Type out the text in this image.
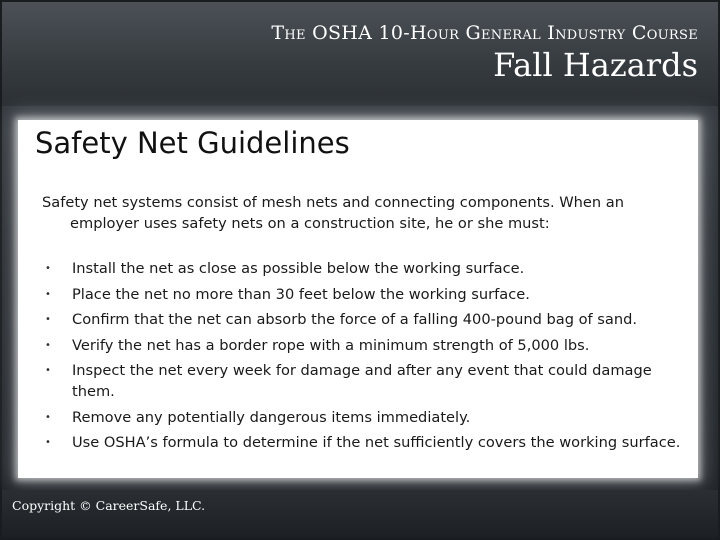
The OSHA 10-Hour General Industry Course
Fall Hazards
Safety Net Guidelines
Safety net systems consist of mesh nets and connecting components. When an employer uses safety nets on a construction site, he or she must:
• Install the net as close as possible below the working surface.
• Place the net no more than 30 feet below the working surface.
• Confirm that the net can absorb the force of a falling 400-pound bag of sand.
• Verify the net has a border rope with a minimum strength of 5,000 lbs.
• Inspect the net every week for damage and after any event that could damage them.
• Remove any potentially dangerous items immediately.
• Use OSHA’s formula to determine if the net sufficiently covers the working surface.
Copyright © CareerSafe, LLC.
